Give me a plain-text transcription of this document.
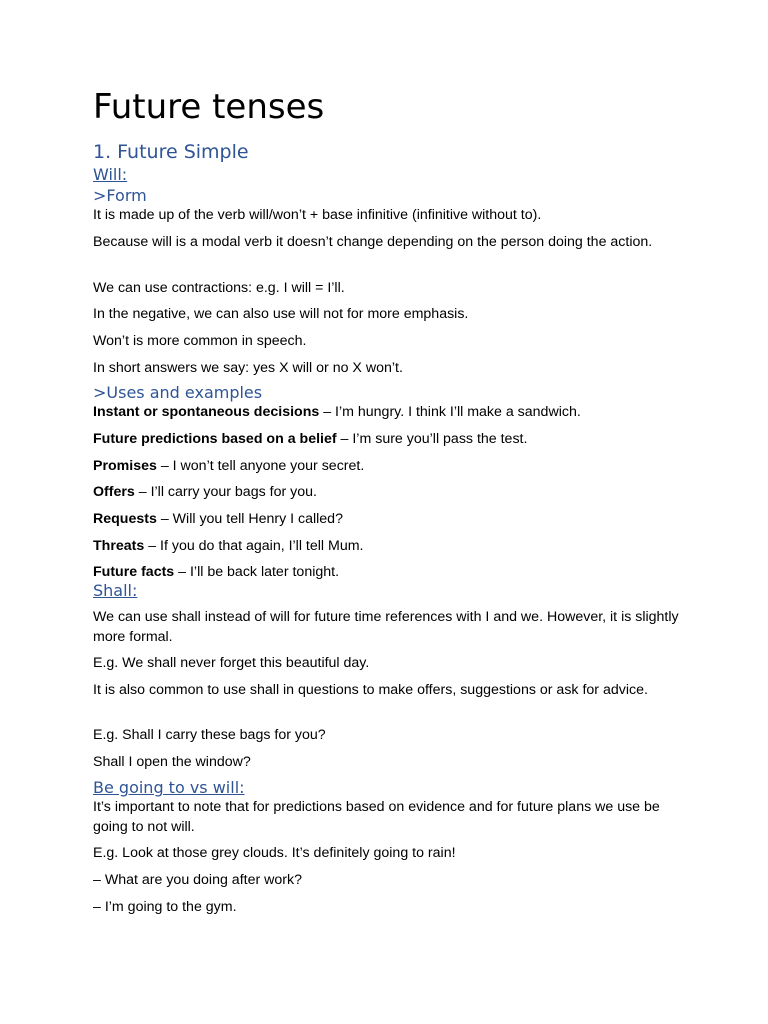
Future tenses
1. Future Simple
Will:
>Form
It is made up of the verb will/won’t + base infinitive (infinitive without to).
Because will is a modal verb it doesn’t change depending on the person doing the action.
We can use contractions: e.g. I will = I’ll.
In the negative, we can also use will not for more emphasis.
Won’t is more common in speech.
In short answers we say: yes X will or no X won’t.
>Uses and examples
Instant or spontaneous decisions – I’m hungry. I think I’ll make a sandwich.
Future predictions based on a belief – I’m sure you’ll pass the test.
Promises – I won’t tell anyone your secret.
Offers – I’ll carry your bags for you.
Requests – Will you tell Henry I called?
Threats – If you do that again, I’ll tell Mum.
Future facts – I’ll be back later tonight.
Shall:
We can use shall instead of will for future time references with I and we. However, it is slightly more formal.
E.g. We shall never forget this beautiful day.
It is also common to use shall in questions to make offers, suggestions or ask for advice.
E.g. Shall I carry these bags for you?
Shall I open the window?
Be going to vs will:
It’s important to note that for predictions based on evidence and for future plans we use be going to not will.
E.g. Look at those grey clouds. It’s definitely going to rain!
– What are you doing after work?
– I’m going to the gym.
